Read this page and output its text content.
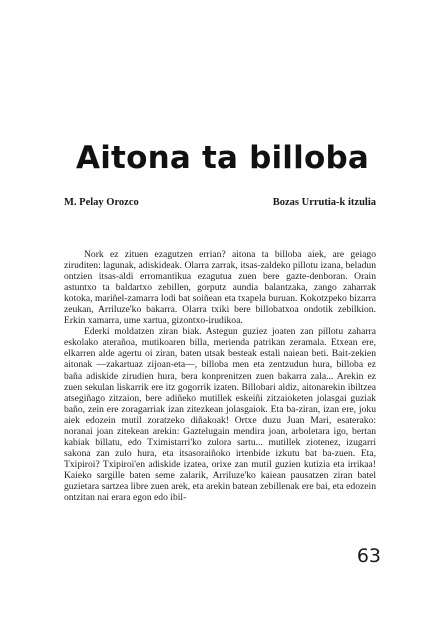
Aitona ta billoba
M. Pelay Orozco	Bozas Urrutia-k itzulia

Nork ez zituen ezagutzen errian? aitona ta billoba aiek, are geiago ziruditen: lagunak, adiskideak. Olarra zarrak, itsas-zaldeko pillotu izana, beladun ontzien itsas-aldi erromantikua ezagutua zuen bere gazte-denboran. Orain astuntxo ta baldartxo zebillen, gorputz aundia balantzaka, zango zaharrak kotoka, mariñel-zamarra lodi bat soiñean eta txapela buruan. Kokotzpeko bizarra zeukan, Arriluze'ko bakarra. Olarra txiki bere billobatxoa ondotik zebilkion. Erkin xamarra, ume xartua, gizontxo-irudikoa.

Ederki moldatzen ziran biak. Astegun guziez joaten zan pillotu zaharra eskolako aterañoa, mutikoaren billa, merienda patrikan zeramala. Etxean ere, elkarren alde agertu oi ziran, baten utsak besteak estali naiean beti. Bait-zekien aitonak —zakartuaz zijoan-eta—, billoba men eta zentzudun hura, billoba ez baña adiskide zirudien hura, bera konprenitzen zuen bakarra zala... Arekin ez zuen sekulan liskarrik ere itz gogorrik izaten. Billobari aldiz, aitonarekin ibiltzea atsegiñago zitzaion, bere adiñeko mutillek eskeiñi zitzaioketen jolasgai guziak baño, zein ere zoragarriak izan zitezkean jolasgaiok. Eta ba-ziran, izan ere, joku aiek edozein mutil zoratzeko diñakoak! Ortxe duzu Juan Mari, esaterako: noranai joan zitekean arekin: Gaztelugain mendira joan, arboletara igo, bertan kabiak billatu, edo Tximistarri'ko zulora sartu... mutillek ziotenez, izugarri sakona zan zulo hura, eta itsasoraiñoko irtenbide izkutu bat ba-zuen. Eta, Txipiroi? Txipiroi'en adiskide izatea, orixe zan mutil guzien kutizia eta irrikaa! Kaieko sargille baten seme zalarik, Arriluze'ko kaiean pausatzen ziran batel guzietara sartzea libre zuen arek, eta arekin batean zebillenak ere bai, eta edozein ontzitan nai erara egon edo ibil-

63
